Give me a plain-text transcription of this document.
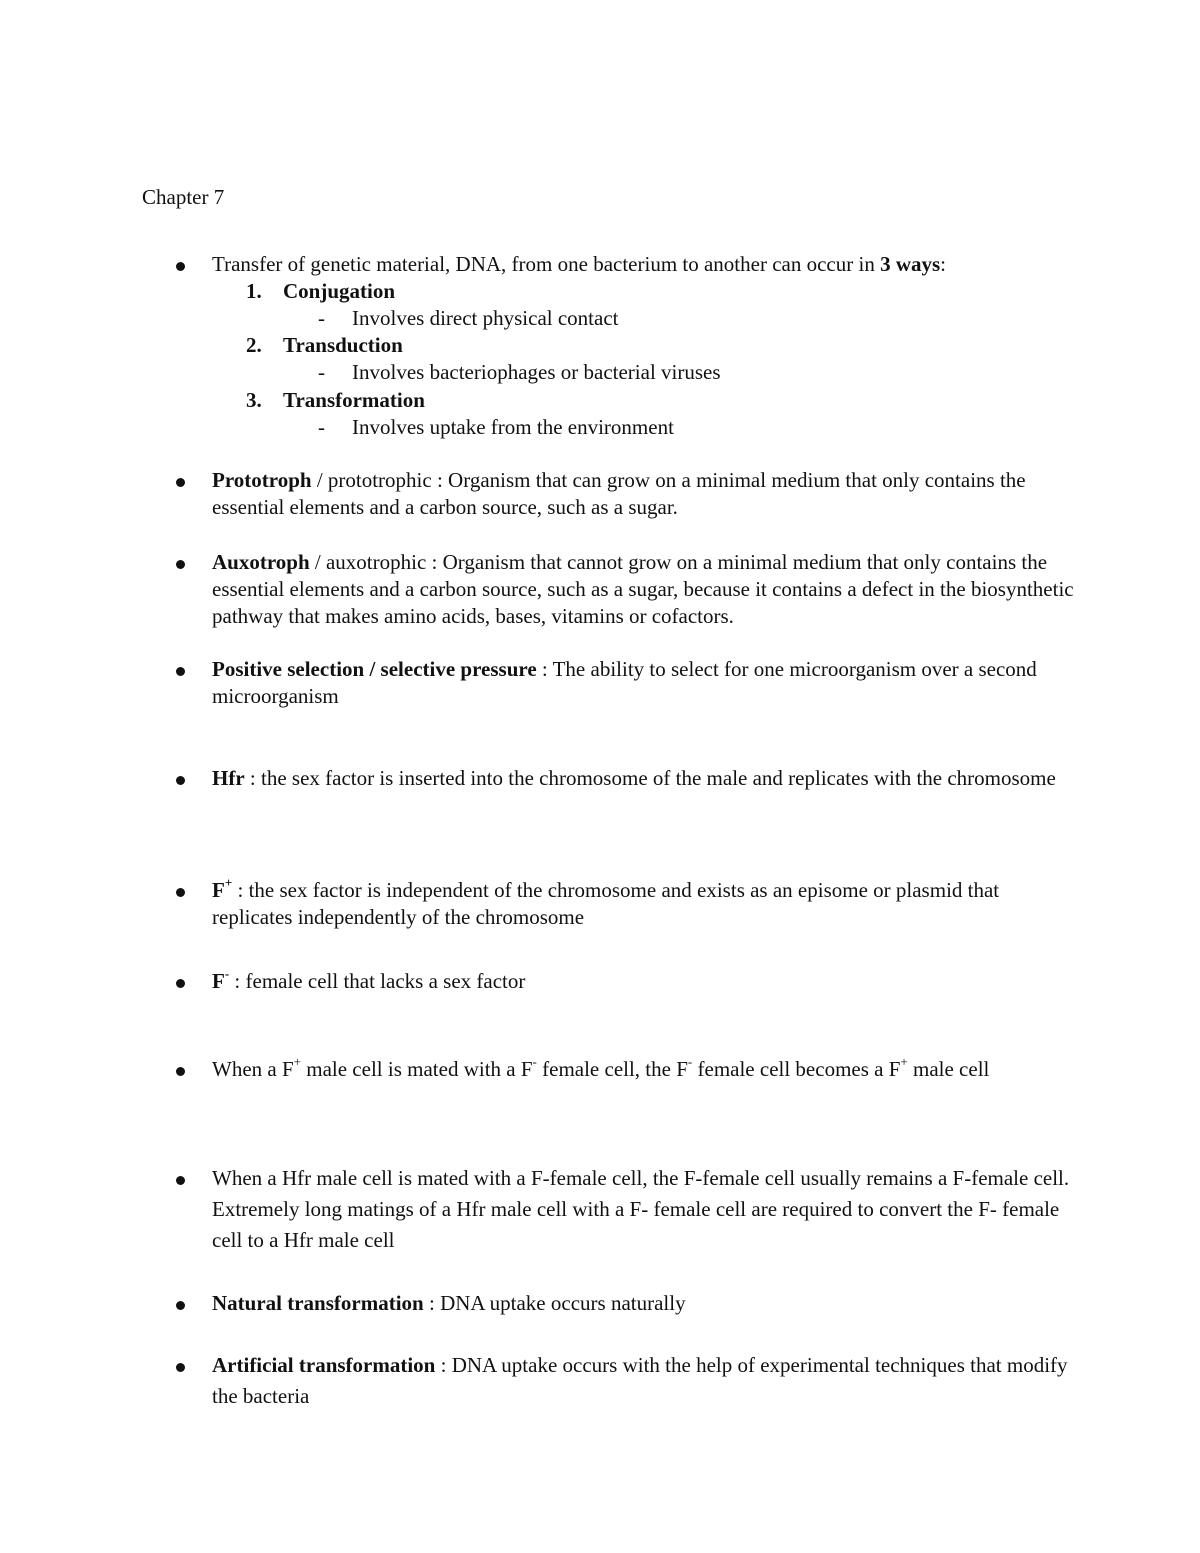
Chapter 7
Transfer of genetic material, DNA, from one bacterium to another can occur in 3 ways:
1. Conjugation
- Involves direct physical contact
2. Transduction
- Involves bacteriophages or bacterial viruses
3. Transformation
- Involves uptake from the environment
Prototroph / prototrophic : Organism that can grow on a minimal medium that only contains the essential elements and a carbon source, such as a sugar.
Auxotroph / auxotrophic : Organism that cannot grow on a minimal medium that only contains the essential elements and a carbon source, such as a sugar, because it contains a defect in the biosynthetic pathway that makes amino acids, bases, vitamins or cofactors.
Positive selection / selective pressure : The ability to select for one microorganism over a second microorganism
Hfr : the sex factor is inserted into the chromosome of the male and replicates with the chromosome
F+ : the sex factor is independent of the chromosome and exists as an episome or plasmid that replicates independently of the chromosome
F- : female cell that lacks a sex factor
When a F+ male cell is mated with a F- female cell, the F- female cell becomes a F+ male cell
When a Hfr male cell is mated with a F-female cell, the F-female cell usually remains a F-female cell. Extremely long matings of a Hfr male cell with a F- female cell are required to convert the F- female cell to a Hfr male cell
Natural transformation : DNA uptake occurs naturally
Artificial transformation : DNA uptake occurs with the help of experimental techniques that modify the bacteria
